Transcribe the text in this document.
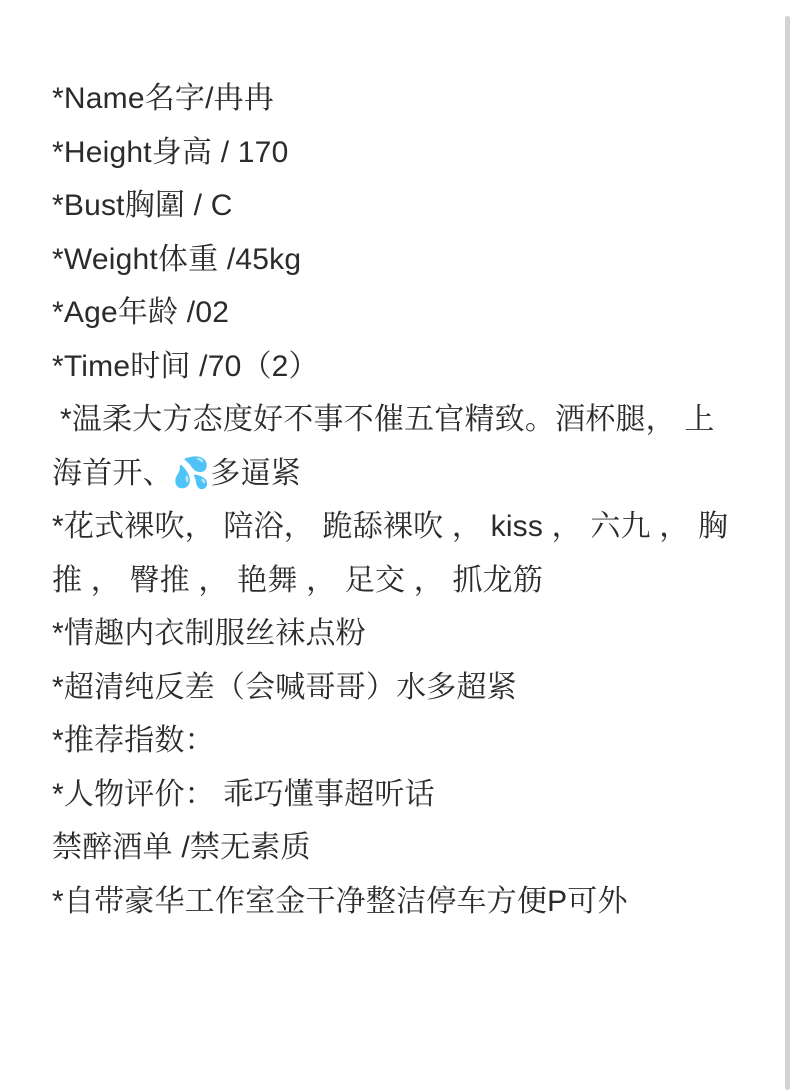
*Name名字/冉冉
*Height身高 / 170
*Bust胸圍 / C
*Weight体重 /45kg
*Age年龄 /02
*Time时间 /70（2）
*温柔大方态度好不事不催五官精致。酒杯腿， 上海首开、💦多逼紧
*花式裸吹， 陪浴， 跪舔裸吹 ， kiss ， 六九 ， 胸推 ， 臀推 ， 艳舞 ， 足交 ， 抓龙筋
*情趣内衣制服丝袜点粉
*超清纯反差（会喊哥哥）水多超紧
*推荐指数：
*人物评价： 乖巧懂事超听话
禁醉酒单 /禁无素质
*自带豪华工作室金干净整洁停车方便P可外
